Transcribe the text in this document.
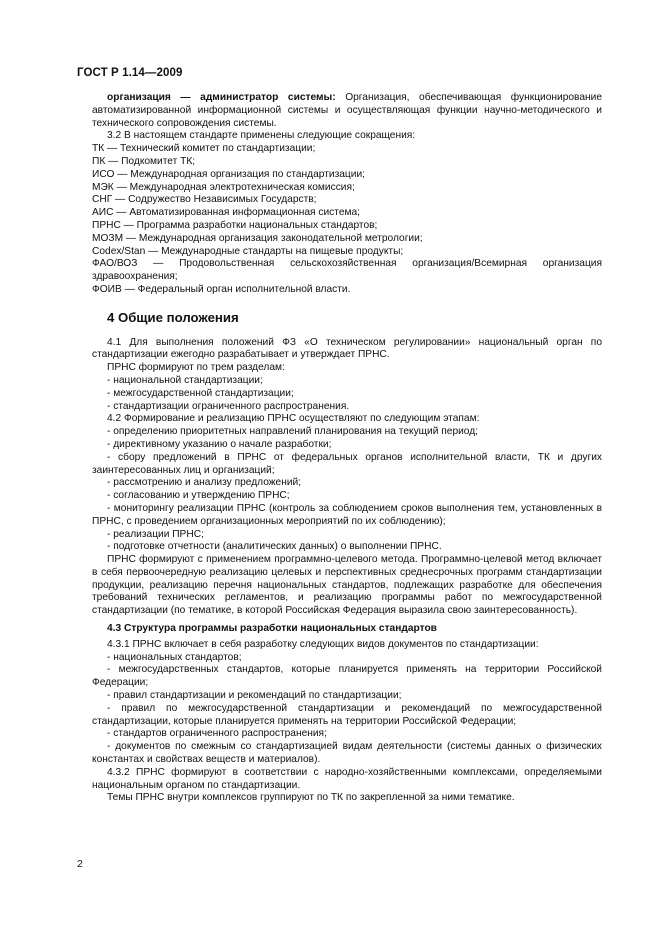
ГОСТ Р 1.14—2009

организация — администратор системы: Организация, обеспечивающая функционирование автоматизированной информационной системы и осуществляющая функции научно-методического и технического сопровождения системы.

3.2 В настоящем стандарте применены следующие сокращения:

ТК — Технический комитет по стандартизации;

ПК — Подкомитет ТК;

ИСО — Международная организация по стандартизации;

МЭК — Международная электротехническая комиссия;

СНГ — Содружество Независимых Государств;

АИС — Автоматизированная информационная система;

ПРНС — Программа разработки национальных стандартов;

МОЗМ — Международная организация законодательной метрологии;

Codex/Stan — Международные стандарты на пищевые продукты;

ФАО/ВОЗ — Продовольственная сельскохозяйственная организация/Всемирная организация здравоохранения;

ФОИВ — Федеральный орган исполнительной власти.

4 Общие положения

4.1 Для выполнения положений ФЗ «О техническом регулировании» национальный орган по стандартизации ежегодно разрабатывает и утверждает ПРНС.

ПРНС формируют по трем разделам:

- национальной стандартизации;

- межгосударственной стандартизации;

- стандартизации ограниченного распространения.

4.2 Формирование и реализацию ПРНС осуществляют по следующим этапам:

- определению приоритетных направлений планирования на текущий период;

- директивному указанию о начале разработки;

- сбору предложений в ПРНС от федеральных органов исполнительной власти, ТК и других заинтересованных лиц и организаций;

- рассмотрению и анализу предложений;

- согласованию и утверждению ПРНС;

- мониторингу реализации ПРНС (контроль за соблюдением сроков выполнения тем, установленных в ПРНС, с проведением организационных мероприятий по их соблюдению);

- реализации ПРНС;

- подготовке отчетности (аналитических данных) о выполнении ПРНС.

ПРНС формируют с применением программно-целевого метода. Программно-целевой метод включает в себя первоочередную реализацию целевых и перспективных среднесрочных программ стандартизации продукции, реализацию перечня национальных стандартов, подлежащих разработке для обеспечения требований технических регламентов, и реализацию программы работ по межгосударственной стандартизации (по тематике, в которой Российская Федерация выразила свою заинтересованность).

4.3 Структура программы разработки национальных стандартов

4.3.1 ПРНС включает в себя разработку следующих видов документов по стандартизации:

- национальных стандартов;

- межгосударственных стандартов, которые планируется применять на территории Российской Федерации;

- правил стандартизации и рекомендаций по стандартизации;

- правил по межгосударственной стандартизации и рекомендаций по межгосударственной стандартизации, которые планируется применять на территории Российской Федерации;

- стандартов ограниченного распространения;

- документов по смежным со стандартизацией видам деятельности (системы данных о физических константах и свойствах веществ и материалов).

4.3.2 ПРНС формируют в соответствии с народно-хозяйственными комплексами, определяемыми национальным органом по стандартизации.

Темы ПРНС внутри комплексов группируют по ТК по закрепленной за ними тематике.

2
